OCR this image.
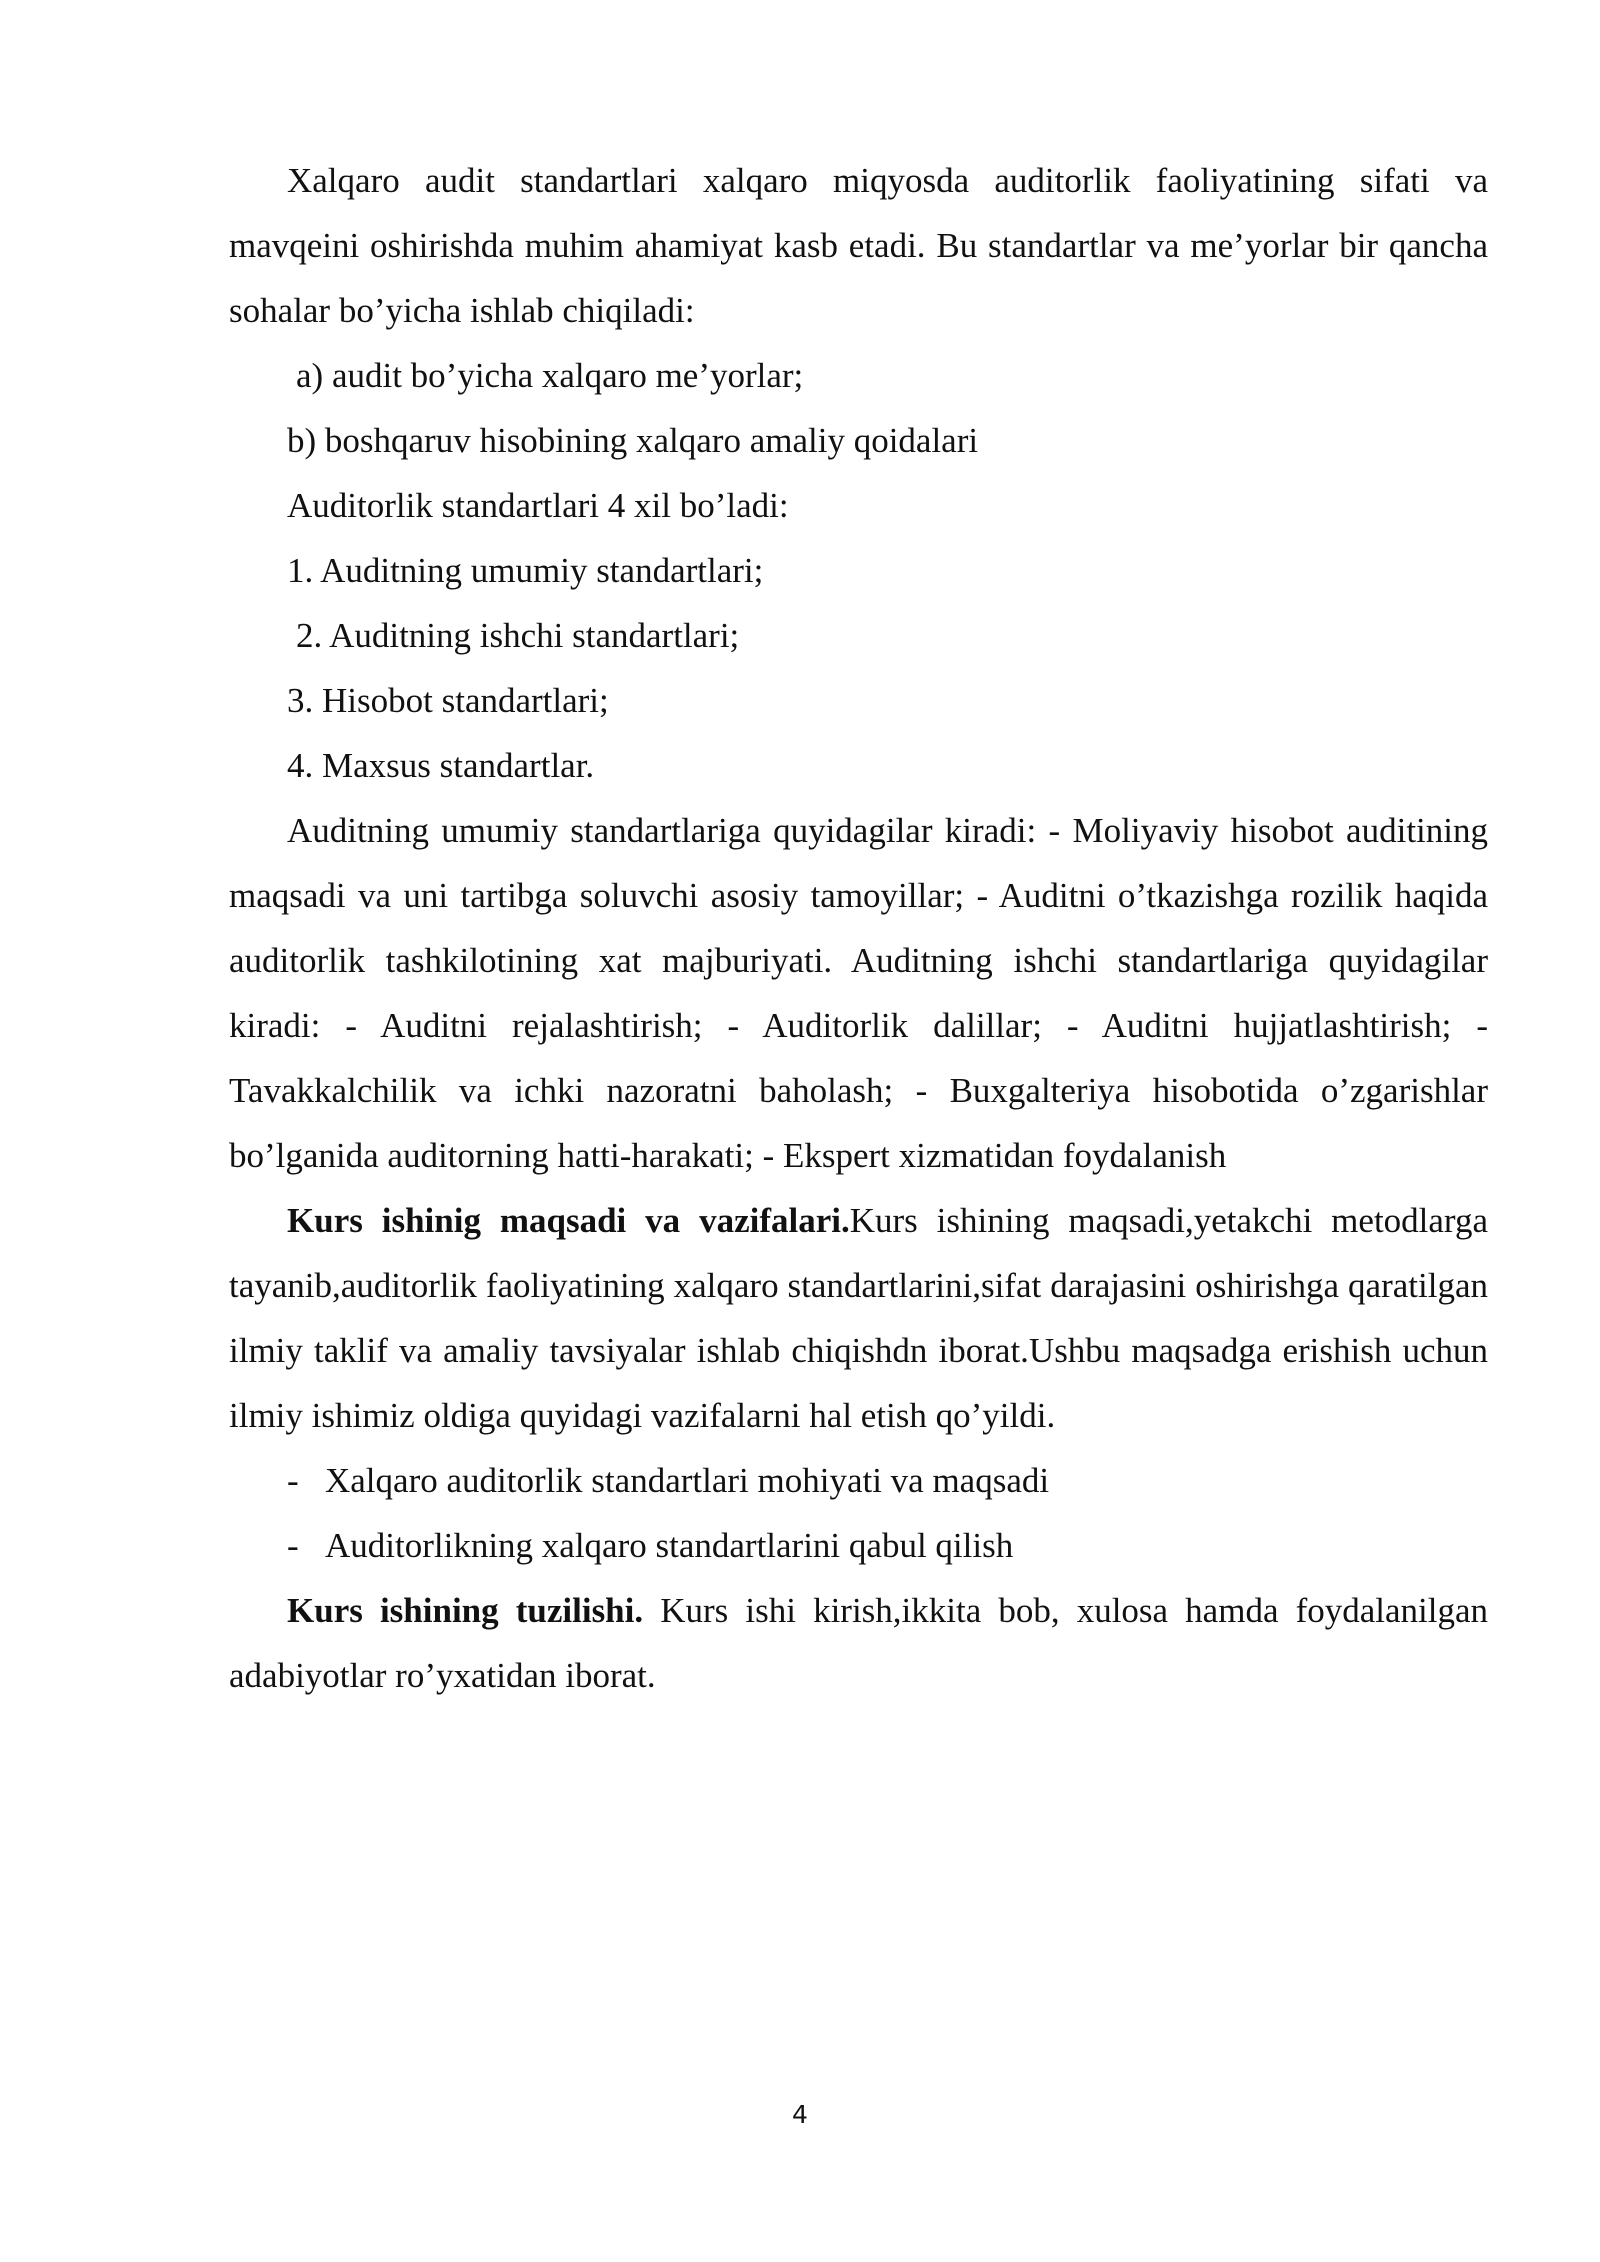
Xalqaro audit standartlari xalqaro miqyosda auditorlik faoliyatining sifati va mavqeini oshirishda muhim ahamiyat kasb etadi. Bu standartlar va me’yorlar bir qancha sohalar bo’yicha ishlab chiqiladi:

a) audit bo’yicha xalqaro me’yorlar;

b) boshqaruv hisobining xalqaro amaliy qoidalari

Auditorlik standartlari 4 xil bo’ladi:

1. Auditning umumiy standartlari;

2. Auditning ishchi standartlari;

3. Hisobot standartlari;

4. Maxsus standartlar.

Auditning umumiy standartlariga quyidagilar kiradi: - Moliyaviy hisobot auditining maqsadi va uni tartibga soluvchi asosiy tamoyillar; - Auditni o’tkazishga rozilik haqida auditorlik tashkilotining xat majburiyati. Auditning ishchi standartlariga quyidagilar kiradi: - Auditni rejalashtirish; - Auditorlik dalillar; - Auditni hujjatlashtirish; - Tavakkalchilik va ichki nazoratni baholash; - Buxgalteriya hisobotida o’zgarishlar bo’lganida auditorning hatti-harakati; - Ekspert xizmatidan foydalanish

Kurs ishinig maqsadi va vazifalari.Kurs ishining maqsadi,yetakchi metodlarga tayanib,auditorlik faoliyatining xalqaro standartlarini,sifat darajasini oshirishga qaratilgan ilmiy taklif va amaliy tavsiyalar ishlab chiqishdn iborat.Ushbu maqsadga erishish uchun ilmiy ishimiz oldiga quyidagi vazifalarni hal etish qo’yildi.

- Xalqaro auditorlik standartlari mohiyati va maqsadi

- Auditorlikning xalqaro standartlarini qabul qilish

Kurs ishining tuzilishi. Kurs ishi kirish,ikkita bob, xulosa hamda foydalanilgan adabiyotlar ro’yxatidan iborat.

4
